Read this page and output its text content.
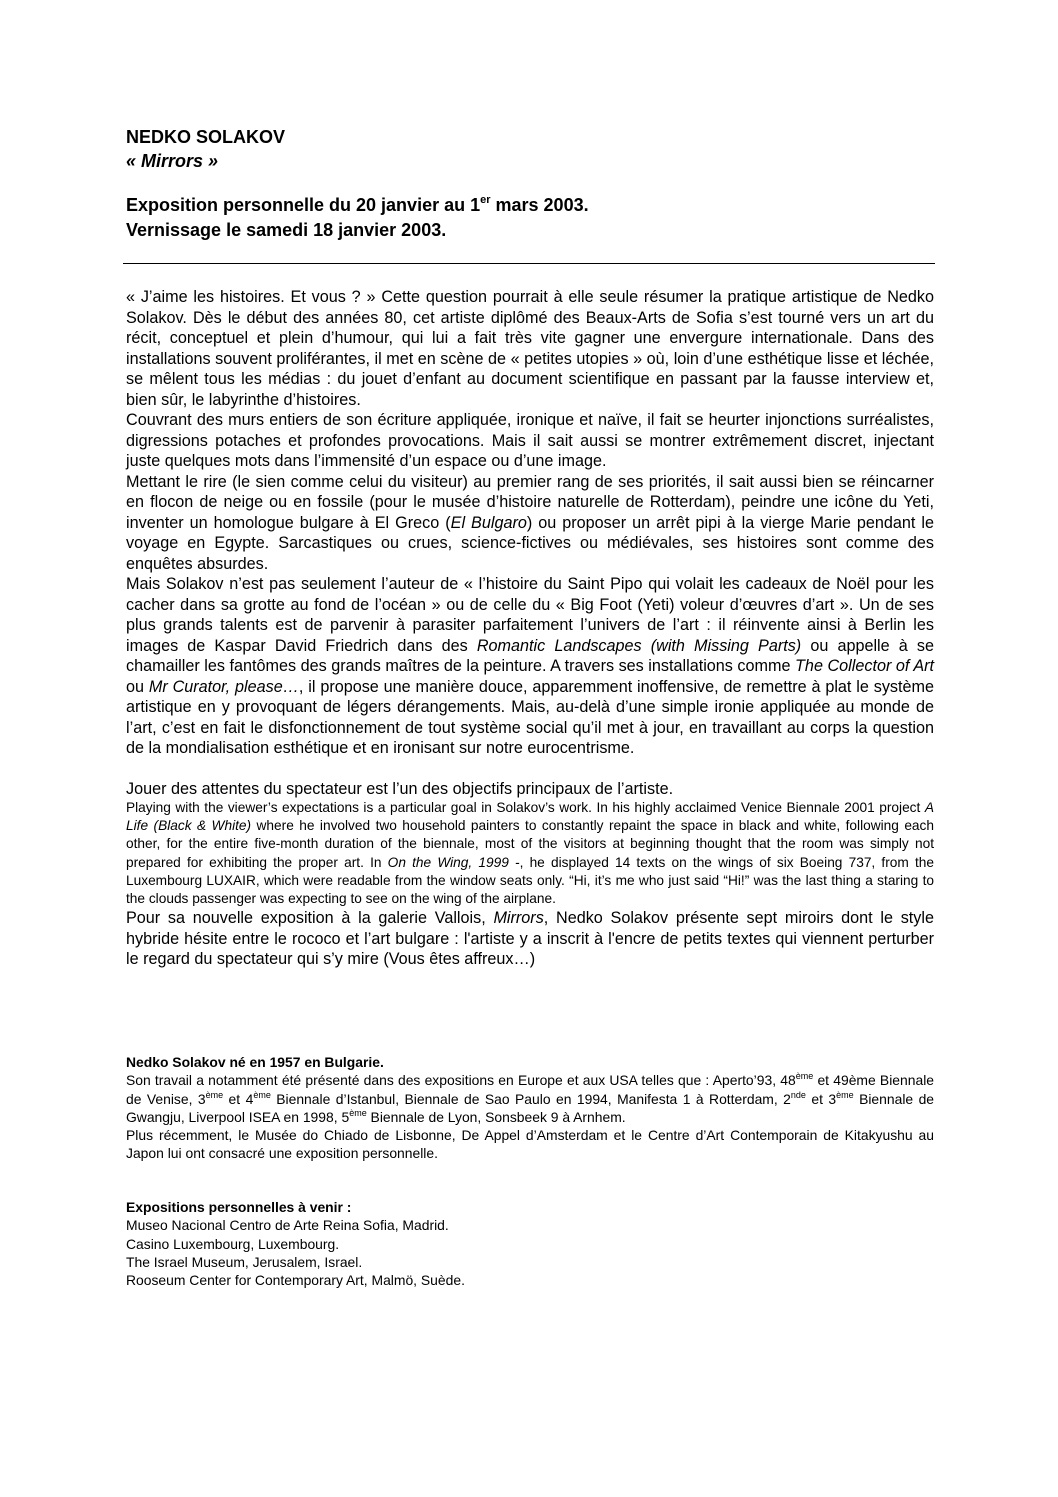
NEDKO SOLAKOV
« Mirrors »
Exposition personnelle du 20 janvier au 1er mars 2003.
Vernissage le samedi 18 janvier 2003.

« J’aime les histoires. Et vous ? » Cette question pourrait à elle seule résumer la pratique artistique de Nedko Solakov. Dès le début des années 80, cet artiste diplômé des Beaux-Arts de Sofia s’est tourné vers un art du récit, conceptuel et plein d’humour, qui lui a fait très vite gagner une envergure internationale. Dans des installations souvent proliférantes, il met en scène de « petites utopies » où, loin d’une esthétique lisse et léchée, se mêlent tous les médias : du jouet d’enfant au document scientifique en passant par la fausse interview et, bien sûr, le labyrinthe d’histoires.

Couvrant des murs entiers de son écriture appliquée, ironique et naïve, il fait se heurter injonctions surréalistes, digressions potaches et profondes provocations. Mais il sait aussi se montrer extrêmement discret, injectant juste quelques mots dans l’immensité d’un espace ou d’une image.

Mettant le rire (le sien comme celui du visiteur) au premier rang de ses priorités, il sait aussi bien se réincarner en flocon de neige ou en fossile (pour le musée d’histoire naturelle de Rotterdam), peindre une icône du Yeti, inventer un homologue bulgare à El Greco (El Bulgaro) ou proposer un arrêt pipi à la vierge Marie pendant le voyage en Egypte. Sarcastiques ou crues, science-fictives ou médiévales, ses histoires sont comme des enquêtes absurdes.

Mais Solakov n’est pas seulement l’auteur de « l’histoire du Saint Pipo qui volait les cadeaux de Noël pour les cacher dans sa grotte au fond de l’océan » ou de celle du « Big Foot (Yeti) voleur d’œuvres d’art ». Un de ses plus grands talents est de parvenir à parasiter parfaitement l’univers de l’art : il réinvente ainsi à Berlin les images de Kaspar David Friedrich dans des Romantic Landscapes (with Missing Parts) ou appelle à se chamailler les fantômes des grands maîtres de la peinture. A travers ses installations comme The Collector of Art ou Mr Curator, please…, il propose une manière douce, apparemment inoffensive, de remettre à plat le système artistique en y provoquant de légers dérangements. Mais, au-delà d’une simple ironie appliquée au monde de l’art, c’est en fait le disfonctionnement de tout système social qu’il met à jour, en travaillant au corps la question de la mondialisation esthétique et en ironisant sur notre eurocentrisme.

Jouer des attentes du spectateur est l’un des objectifs principaux de l’artiste.

Playing with the viewer’s expectations is a particular goal in Solakov’s work. In his highly acclaimed Venice Biennale 2001 project A Life (Black & White) where he involved two household painters to constantly repaint the space in black and white, following each other, for the entire five-month duration of the biennale, most of the visitors at beginning thought that the room was simply not prepared for exhibiting the proper art. In On the Wing, 1999 -, he displayed 14 texts on the wings of six Boeing 737, from the Luxembourg LUXAIR, which were readable from the window seats only. “Hi, it’s me who just said “Hi!” was the last thing a staring to the clouds passenger was expecting to see on the wing of the airplane.

Pour sa nouvelle exposition à la galerie Vallois, Mirrors, Nedko Solakov présente sept miroirs dont le style hybride hésite entre le rococo et l’art bulgare : l'artiste y a inscrit à l'encre de petits textes qui viennent perturber le regard du spectateur qui s’y mire (Vous êtes affreux…)

Nedko Solakov né en 1957 en Bulgarie.

Son travail a notamment été présenté dans des expositions en Europe et aux USA telles que : Aperto’93, 48ème et 49ème Biennale de Venise, 3ème et 4ème Biennale d’Istanbul, Biennale de Sao Paulo en 1994, Manifesta 1 à Rotterdam, 2nde et 3ème Biennale de Gwangju, Liverpool ISEA en 1998, 5ème Biennale de Lyon, Sonsbeek 9 à Arnhem.

Plus récemment, le Musée do Chiado de Lisbonne, De Appel d’Amsterdam et le Centre d’Art Contemporain de Kitakyushu au Japon lui ont consacré une exposition personnelle.

Expositions personnelles à venir :

Museo Nacional Centro de Arte Reina Sofia, Madrid.

Casino Luxembourg, Luxembourg.

The Israel Museum, Jerusalem, Israel.

Rooseum Center for Contemporary Art, Malmö, Suède.
